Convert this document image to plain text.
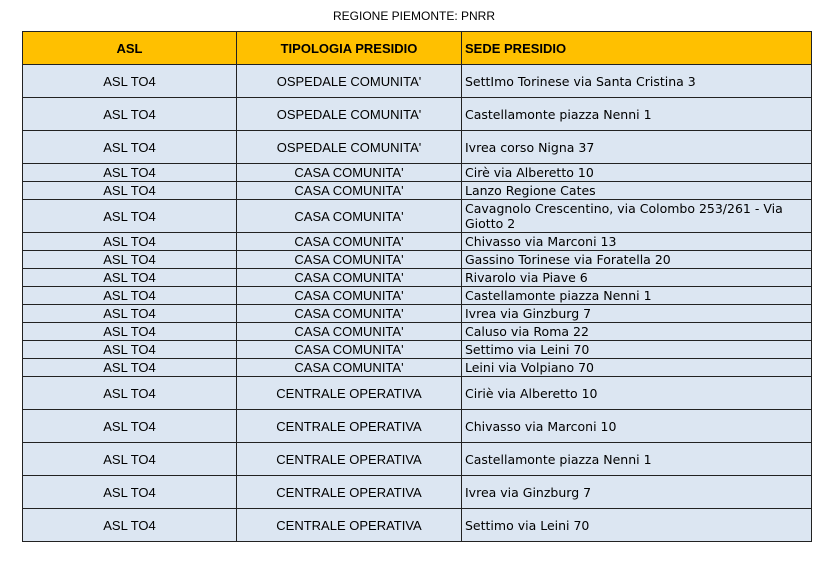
REGIONE PIEMONTE: PNRR
ASL	TIPOLOGIA PRESIDIO	SEDE PRESIDIO
ASL TO4	OSPEDALE COMUNITA'	SettImo Torinese via Santa Cristina 3
ASL TO4	OSPEDALE COMUNITA'	Castellamonte piazza Nenni 1
ASL TO4	OSPEDALE COMUNITA'	Ivrea corso Nigna 37
ASL TO4	CASA COMUNITA'	Cirè via Alberetto 10
ASL TO4	CASA COMUNITA'	Lanzo Regione Cates
ASL TO4	CASA COMUNITA'	Cavagnolo Crescentino, via Colombo 253/261 - Via Giotto 2
ASL TO4	CASA COMUNITA'	Chivasso via Marconi 13
ASL TO4	CASA COMUNITA'	Gassino Torinese via Foratella 20
ASL TO4	CASA COMUNITA'	Rivarolo via Piave 6
ASL TO4	CASA COMUNITA'	Castellamonte piazza Nenni 1
ASL TO4	CASA COMUNITA'	Ivrea via Ginzburg 7
ASL TO4	CASA COMUNITA'	Caluso via Roma 22
ASL TO4	CASA COMUNITA'	Settimo via Leini 70
ASL TO4	CASA COMUNITA'	Leini via Volpiano 70
ASL TO4	CENTRALE OPERATIVA	Ciriè via Alberetto 10
ASL TO4	CENTRALE OPERATIVA	Chivasso via Marconi 10
ASL TO4	CENTRALE OPERATIVA	Castellamonte piazza Nenni 1
ASL TO4	CENTRALE OPERATIVA	Ivrea via Ginzburg 7
ASL TO4	CENTRALE OPERATIVA	Settimo via Leini 70
